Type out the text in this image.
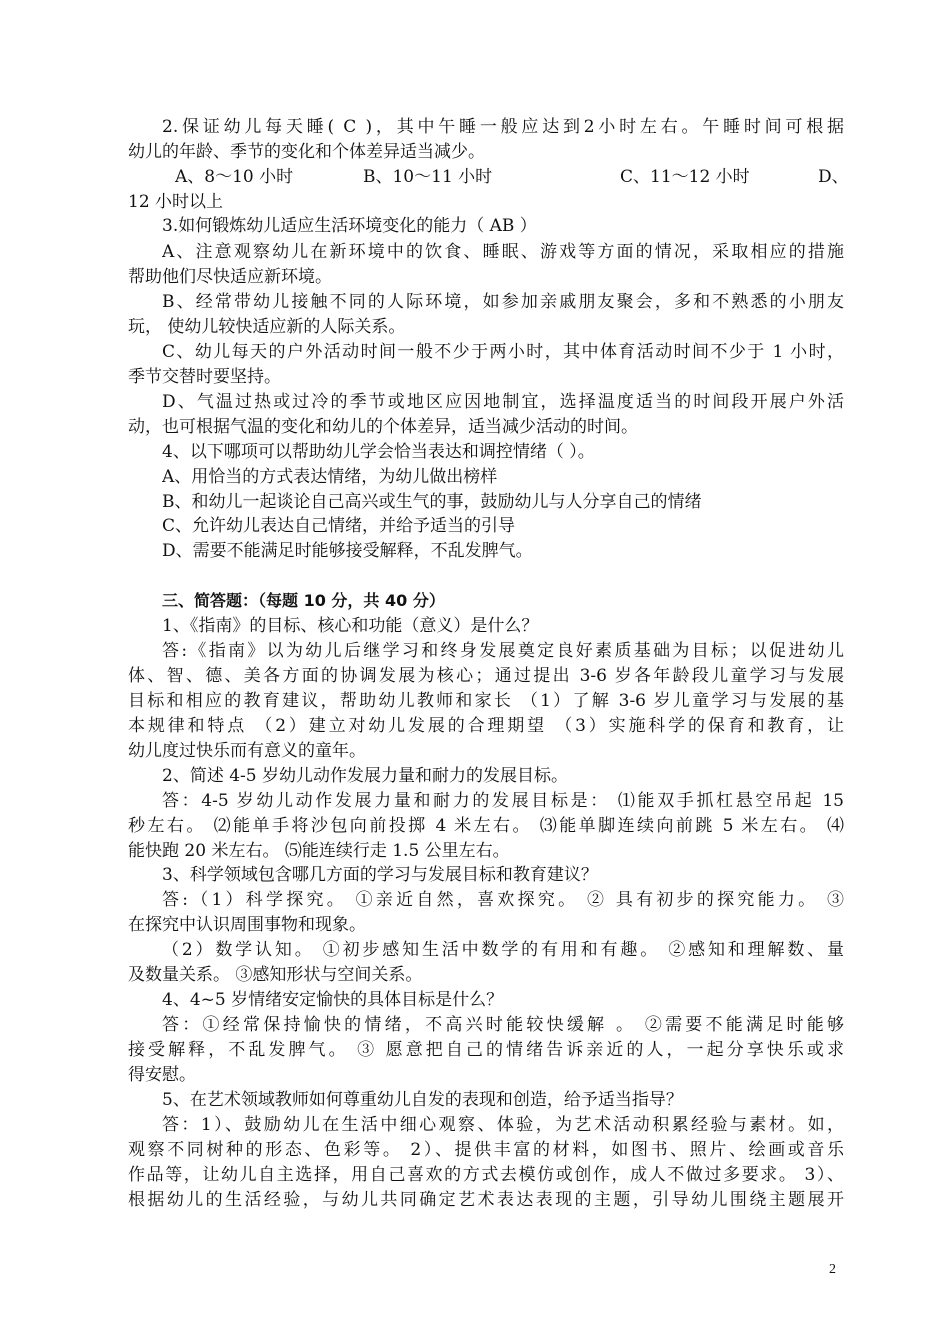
2.保证幼儿每天睡( C )，其中午睡一般应达到2小时左右。午睡时间可根据
幼儿的年龄、季节的变化和个体差异适当减少。
A、8～10 小时	B、10～11 小时	C、11～12 小时	D、
12 小时以上
3.如何锻炼幼儿适应生活环境变化的能力（ AB ）
A、注意观察幼儿在新环境中的饮食、睡眠、游戏等方面的情况，采取相应的措施
帮助他们尽快适应新环境。
B、经常带幼儿接触不同的人际环境，如参加亲戚朋友聚会，多和不熟悉的小朋友
玩， 使幼儿较快适应新的人际关系。
C、幼儿每天的户外活动时间一般不少于两小时，其中体育活动时间不少于 1 小时，
季节交替时要坚持。
D、气温过热或过冷的季节或地区应因地制宜，选择温度适当的时间段开展户外活
动，也可根据气温的变化和幼儿的个体差异，适当减少活动的时间。
4、以下哪项可以帮助幼儿学会恰当表达和调控情绪（ ）。
A、用恰当的方式表达情绪，为幼儿做出榜样
B、和幼儿一起谈论自己高兴或生气的事，鼓励幼儿与人分享自己的情绪
C、允许幼儿表达自己情绪，并给予适当的引导
D、需要不能满足时能够接受解释，不乱发脾气。
三、简答题：（每题 10 分，共 40 分）
1、《指南》的目标、核心和功能（意义）是什么？
答:《指南》以为幼儿后继学习和终身发展奠定良好素质基础为目标；以促进幼儿
体、智、德、美各方面的协调发展为核心；通过提出 3-6 岁各年龄段儿童学习与发展
目标和相应的教育建议，帮助幼儿教师和家长 （1）了解 3-6 岁儿童学习与发展的基
本规律和特点 （2）建立对幼儿发展的合理期望 （3）实施科学的保育和教育，让
幼儿度过快乐而有意义的童年。
2、简述 4-5 岁幼儿动作发展力量和耐力的发展目标。
答：4-5 岁幼儿动作发展力量和耐力的发展目标是： ⑴能双手抓杠悬空吊起 15
秒左右。 ⑵能单手将沙包向前投掷 4 米左右。 ⑶能单脚连续向前跳 5 米左右。 ⑷
能快跑 20 米左右。 ⑸能连续行走 1.5 公里左右。
3、科学领域包含哪几方面的学习与发展目标和教育建议？
答:（1）科学探究。 ①亲近自然，喜欢探究。 ② 具有初步的探究能力。 ③
在探究中认识周围事物和现象。
（2）数学认知。 ①初步感知生活中数学的有用和有趣。 ②感知和理解数、量
及数量关系。 ③感知形状与空间关系。
4、4~5 岁情绪安定愉快的具体目标是什么？
答：①经常保持愉快的情绪，不高兴时能较快缓解 。 ②需要不能满足时能够
接受解释，不乱发脾气。 ③ 愿意把自己的情绪告诉亲近的人，一起分享快乐或求
得安慰。
5、在艺术领域教师如何尊重幼儿自发的表现和创造，给予适当指导？
答：1）、鼓励幼儿在生活中细心观察、体验，为艺术活动积累经验与素材。如，
观察不同树种的形态、色彩等。 2）、提供丰富的材料，如图书、照片、绘画或音乐
作品等，让幼儿自主选择，用自己喜欢的方式去模仿或创作，成人不做过多要求。 3）、
根据幼儿的生活经验，与幼儿共同确定艺术表达表现的主题，引导幼儿围绕主题展开
2
